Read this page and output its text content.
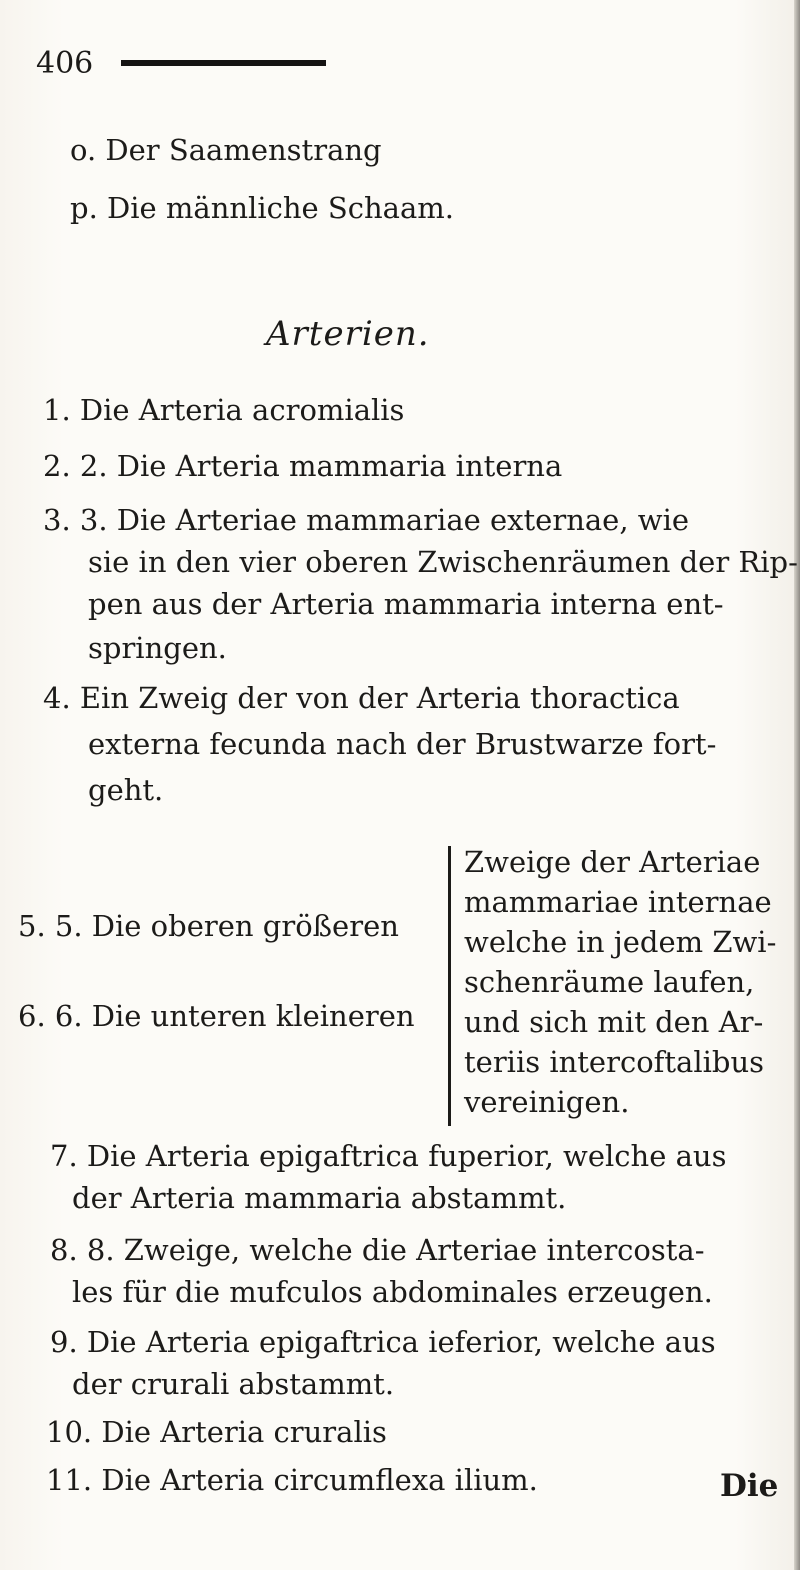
406
o. Der Saamenstrang
p. Die männliche Schaam.
Arterien.
1. Die Arteria acromialis
2. 2. Die Arteria mammaria interna
3. 3. Die Arteriae mammariae externae, wie
sie in den vier oberen Zwischenräumen der Rip-
pen aus der Arteria mammaria interna ent-
springen.
4. Ein Zweig der von der Arteria thoractica
externa fecunda nach der Brustwarze fort-
geht.
5. 5. Die oberen größeren
6. 6. Die unteren kleineren
Zweige der Arteriae
mammariae internae
welche in jedem Zwi-
schenräume laufen,
und sich mit den Ar-
teriis intercoftalibus
vereinigen.
7. Die Arteria epigaftrica fuperior, welche aus
der Arteria mammaria abstammt.
8. 8. Zweige, welche die Arteriae intercosta-
les für die mufculos abdominales erzeugen.
9. Die Arteria epigaftrica ieferior, welche aus
der crurali abstammt.
10. Die Arteria cruralis
11. Die Arteria circumflexa ilium.	Die
